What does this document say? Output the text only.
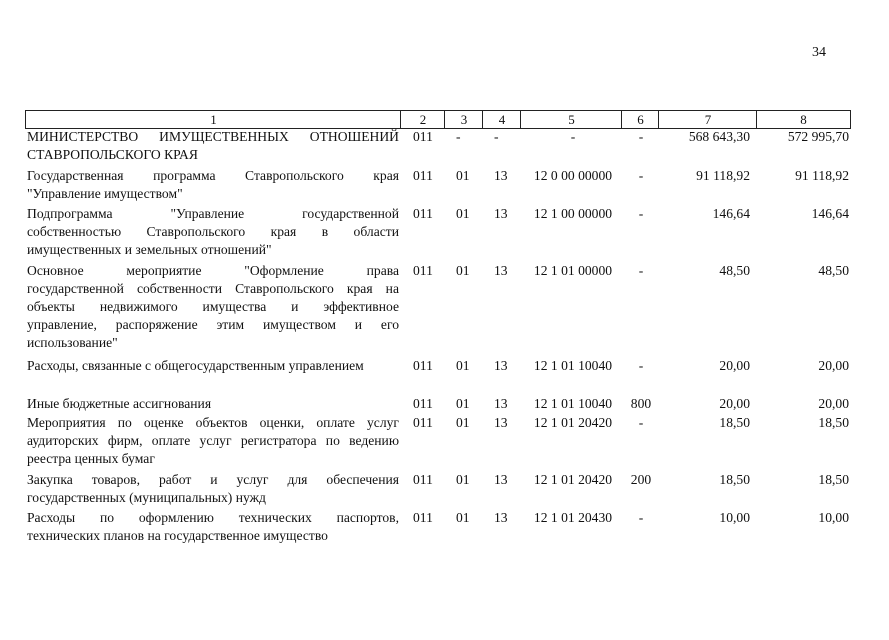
34
1	2	3	4	5	6	7	8
МИНИСТЕРСТВО ИМУЩЕСТВЕННЫХ ОТНОШЕНИЙ
СТАВРОПОЛЬСКОГО КРАЯ
011 - -	-	-	568 643,30	572 995,70
Государственная программа Ставропольского края
"Управление имуществом"
011 01 13	12 0 00 00000	-	91 118,92	91 118,92
Подпрограмма "Управление государственной
собственностью Ставропольского края в области
имущественных и земельных отношений"
011 01 13	12 1 00 00000	-	146,64	146,64
Основное мероприятие "Оформление права
государственной собственности Ставропольского края на
объекты недвижимого имущества и эффективное
управление, распоряжение этим имуществом и его
использование"
011 01 13	12 1 01 00000	-	48,50	48,50
Расходы, связанные с общегосударственным управлением	011 01 13	12 1 01 10040	-	20,00	20,00
Иные бюджетные ассигнования	011 01 13	12 1 01 10040	800	20,00	20,00
Мероприятия по оценке объектов оценки, оплате услуг
аудиторских фирм, оплате услуг регистратора по ведению
реестра ценных бумаг
011 01 13	12 1 01 20420	-	18,50	18,50
Закупка товаров, работ и услуг для обеспечения
государственных (муниципальных) нужд
011 01 13	12 1 01 20420	200	18,50	18,50
Расходы по оформлению технических паспортов,
технических планов на государственное имущество
011 01 13	12 1 01 20430	-	10,00	10,00
